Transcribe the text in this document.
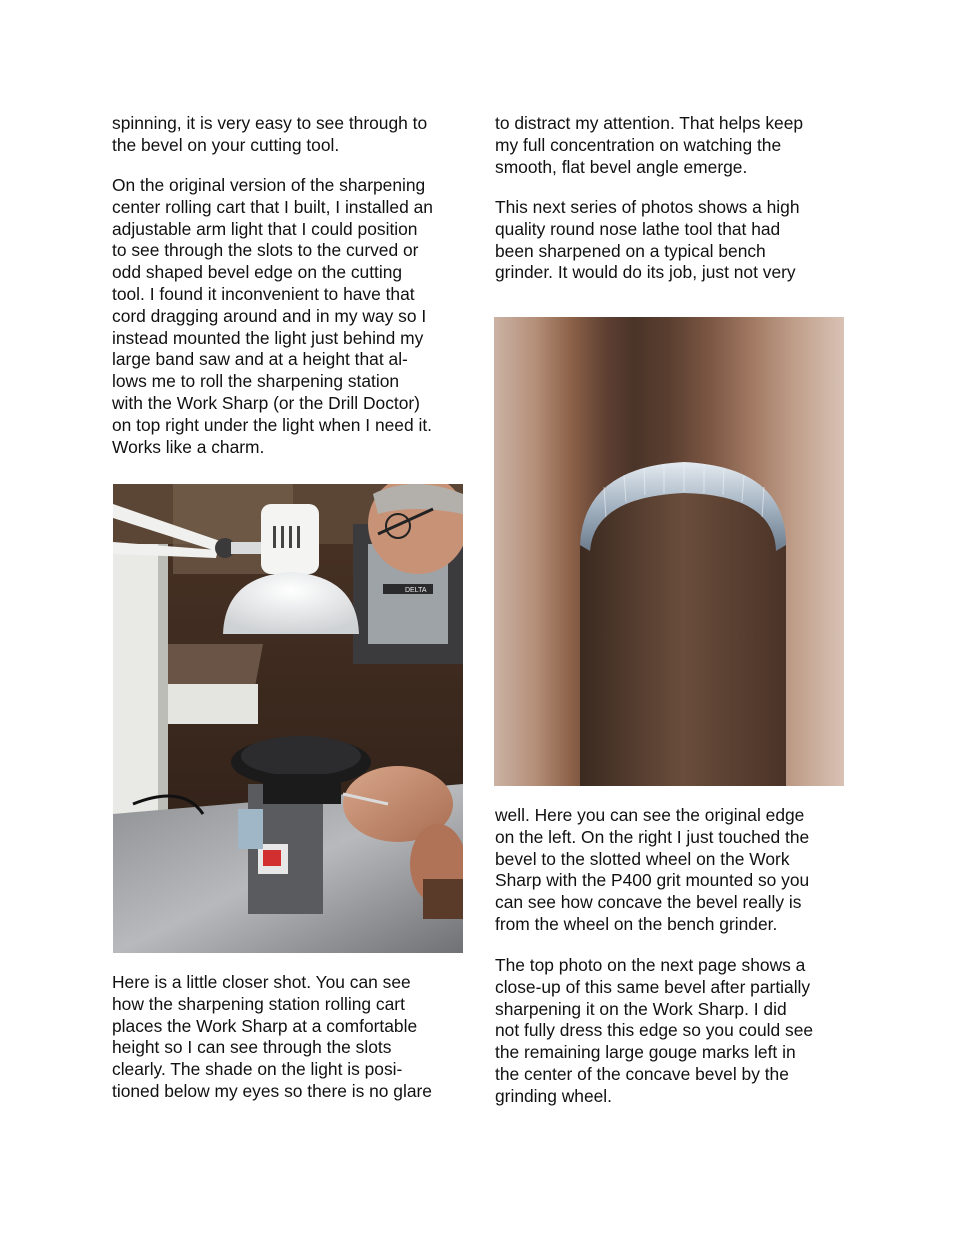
spinning, it is very easy to see through to
the bevel on your cutting tool.

On the original version of the sharpening
center rolling cart that I built, I installed an
adjustable arm light that I could position
to see through the slots to the curved or
odd shaped bevel edge on the cutting
tool. I found it inconvenient to have that
cord dragging around and in my way so I
instead mounted the light just behind my
large band saw and at a height that al-
lows me to roll the sharpening station
with the Work Sharp (or the Drill Doctor)
on top right under the light when I need it.
Works like a charm.

Here is a little closer shot. You can see
how the sharpening station rolling cart
places the Work Sharp at a comfortable
height so I can see through the slots
clearly. The shade on the light is posi-
tioned below my eyes so there is no glare

to distract my attention. That helps keep
my full concentration on watching the
smooth, flat bevel angle emerge.

This next series of photos shows a high
quality round nose lathe tool that had
been sharpened on a typical bench
grinder. It would do its job, just not very

well. Here you can see the original edge
on the left. On the right I just touched the
bevel to the slotted wheel on the Work
Sharp with the P400 grit mounted so you
can see how concave the bevel really is
from the wheel on the bench grinder.

The top photo on the next page shows a
close-up of this same bevel after partially
sharpening it on the Work Sharp. I did
not fully dress this edge so you could see
the remaining large gouge marks left in
the center of the concave bevel by the
grinding wheel.

DELTA
